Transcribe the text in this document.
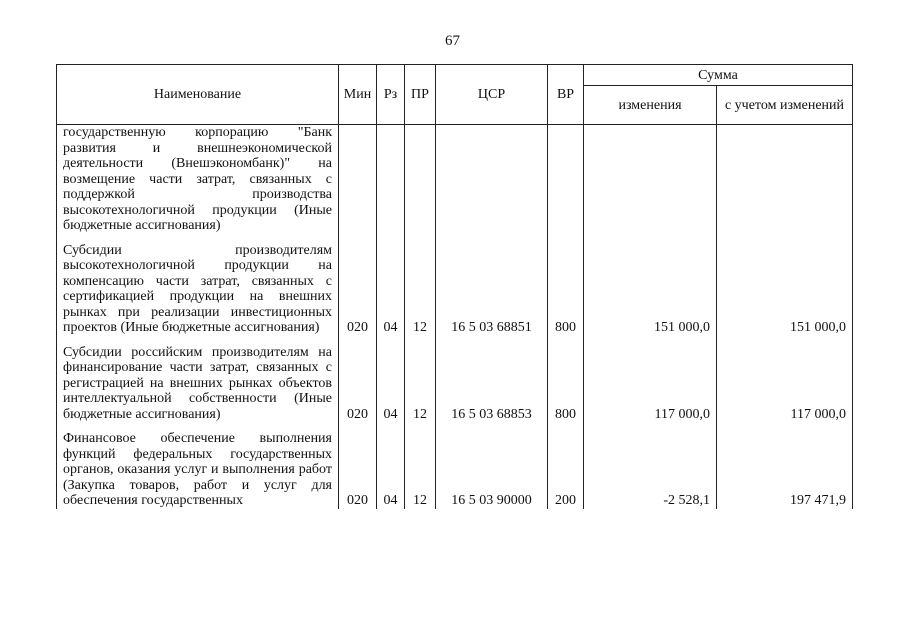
67
Наименование	Мин	Рз	ПР	ЦСР	ВР	Сумма	
						изменения	с учетом изменений
государственную корпорацию "Банк развития и внешнеэкономической деятельности (Внешэкономбанк)" на возмещение части затрат, связанных с поддержкой производства высокотехнологичной продукции (Иные бюджетные ассигнования)							
Субсидии производителям высокотехнологичной продукции на компенсацию части затрат, связанных с сертификацией продукции на внешних рынках при реализации инвестиционных проектов (Иные бюджетные ассигнования)	020	04	12	16 5 03 68851	800	151 000,0	151 000,0
Субсидии российским производителям на финансирование части затрат, связанных с регистрацией на внешних рынках объектов интеллектуальной собственности (Иные бюджетные ассигнования)	020	04	12	16 5 03 68853	800	117 000,0	117 000,0
Финансовое обеспечение выполнения функций федеральных государственных органов, оказания услуг и выполнения работ (Закупка товаров, работ и услуг для обеспечения государственных	020	04	12	16 5 03 90000	200	-2 528,1	197 471,9
